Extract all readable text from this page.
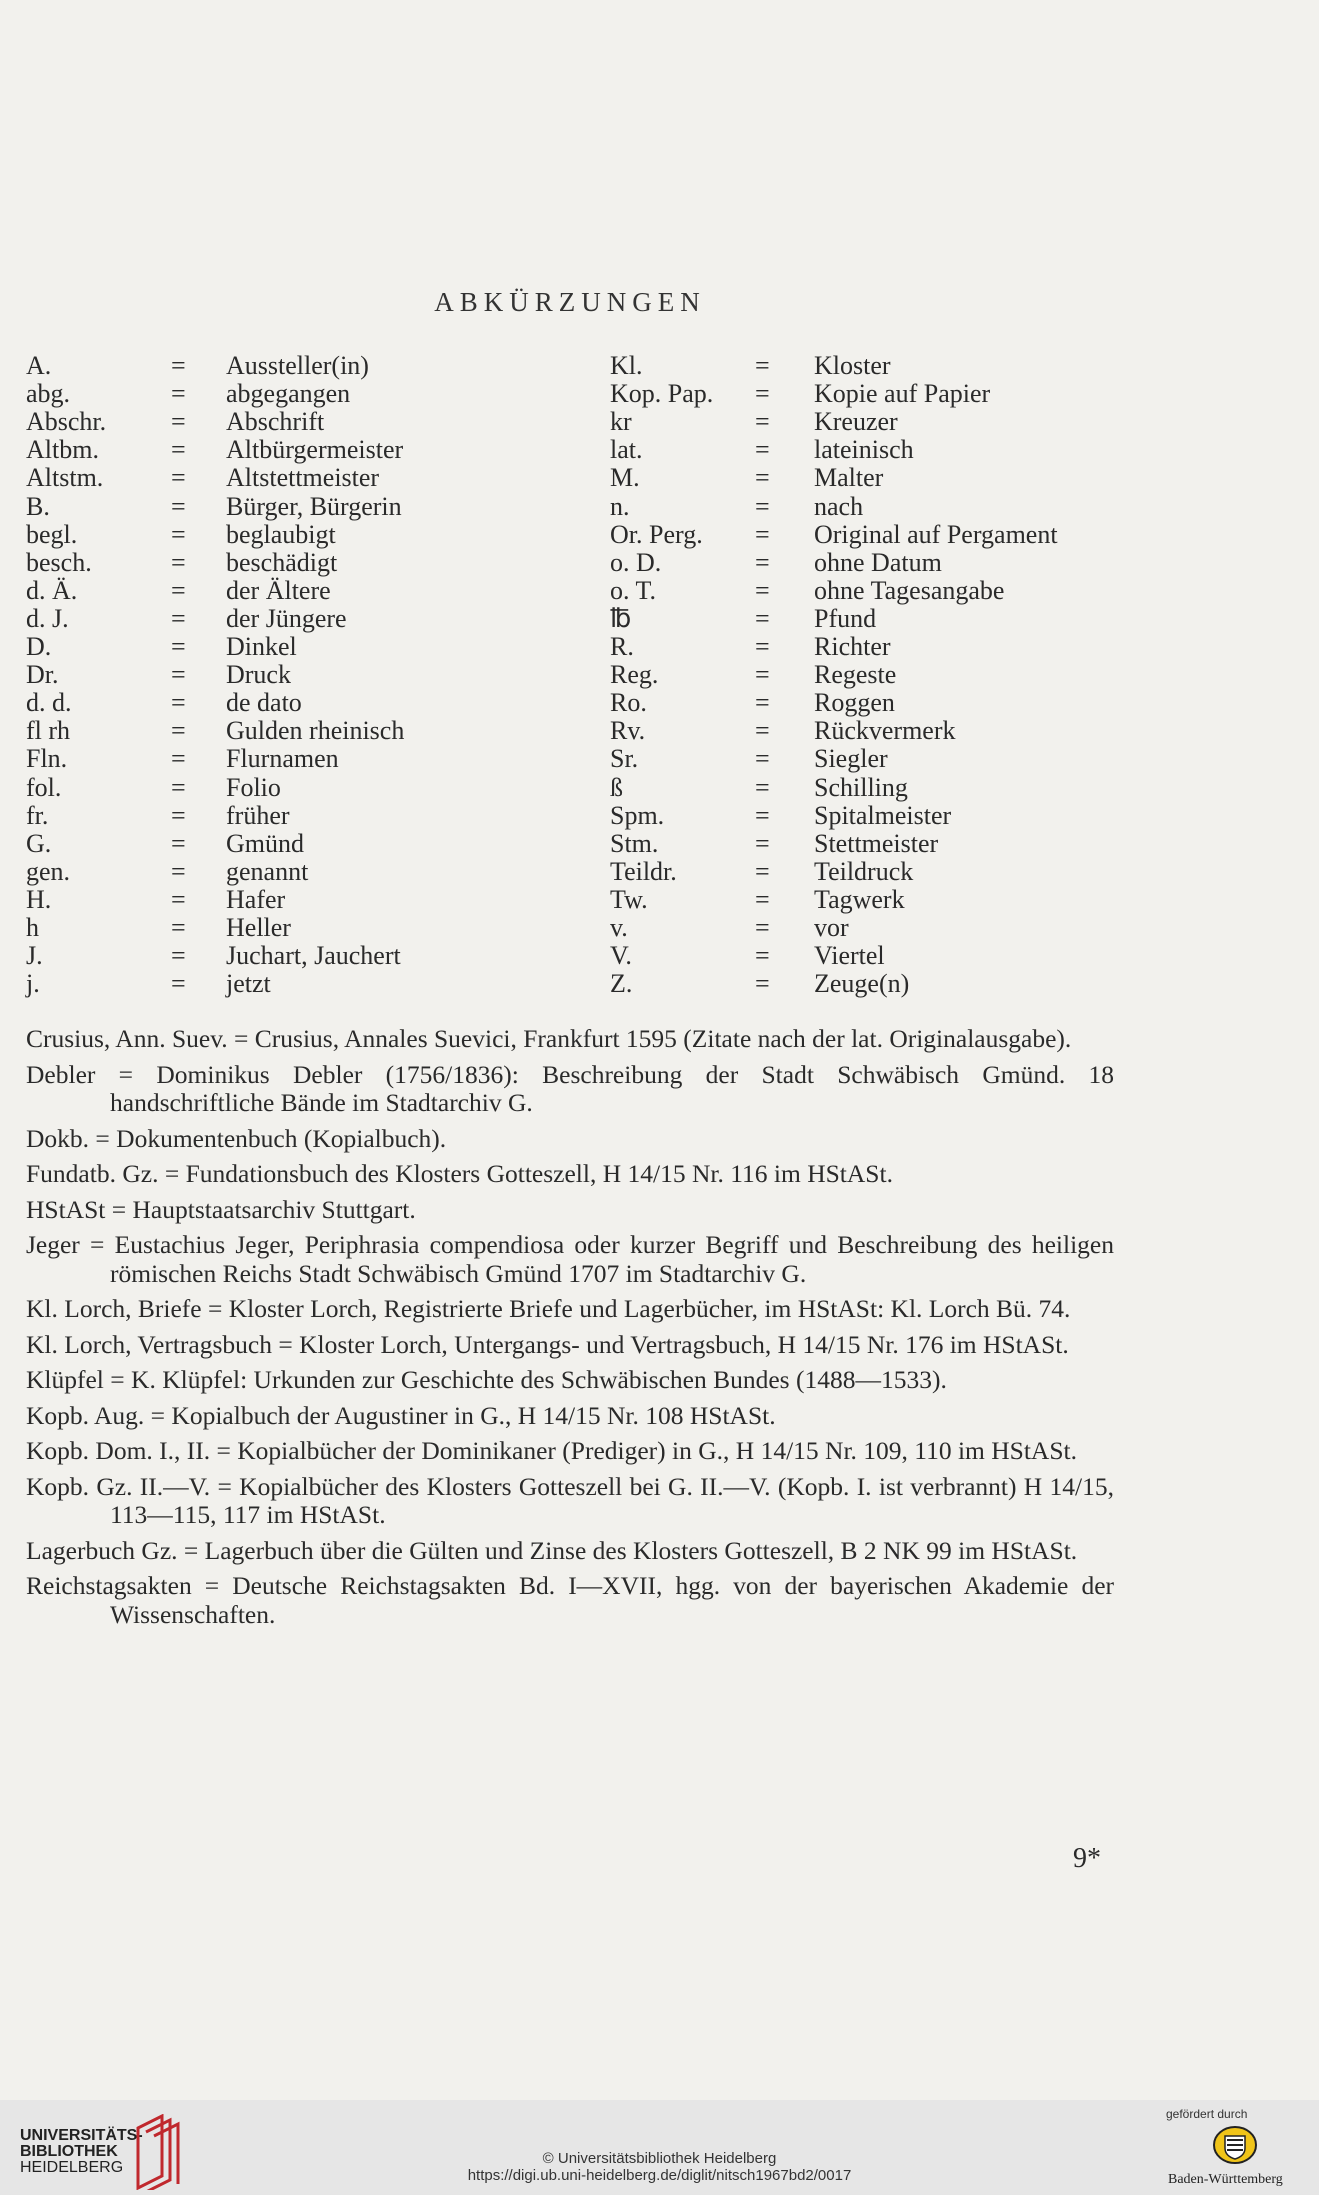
ABKÜRZUNGEN
A.	= Aussteller(in)	Kl.	= Kloster
abg.	= abgegangen	Kop. Pap. = Kopie auf Papier
Abschr. = Abschrift	kr	= Kreuzer
Altbm.	= Altbürgermeister	lat.	= lateinisch
Altstm.	= Altstettmeister	M.	= Malter
B.	= Bürger, Bürgerin	n.	= nach
begl.	= beglaubigt	Or. Perg. = Original auf Pergament
besch.	= beschädigt	o. D.	= ohne Datum
d. Ä.	= der Ältere	o. T.	= ohne Tagesangabe
d. J.	= der Jüngere	℔	= Pfund
D.	= Dinkel	R.	= Richter
Dr.	= Druck	Reg.	= Regeste
d. d.	= de dato	Ro.	= Roggen
fl rh	= Gulden rheinisch	Rv.	= Rückvermerk
Fln.	= Flurnamen	Sr.	= Siegler
fol.	= Folio	ß	= Schilling
fr.	= früher	Spm.	= Spitalmeister
G.	= Gmünd	Stm.	= Stettmeister
gen.	= genannt	Teildr.	= Teildruck
H.	= Hafer	Tw.	= Tagwerk
h	= Heller	v.	= vor
J.	= Juchart, Jauchert	V.	= Viertel
j.	= jetzt	Z.	= Zeuge(n)
Crusius, Ann. Suev. = Crusius, Annales Suevici, Frankfurt 1595 (Zitate nach der lat. Originalausgabe).
Debler = Dominikus Debler (1756/1836): Beschreibung der Stadt Schwäbisch Gmünd. 18 handschriftliche Bände im Stadtarchiv G.
Dokb. = Dokumentenbuch (Kopialbuch).
Fundatb. Gz. = Fundationsbuch des Klosters Gotteszell, H 14/15 Nr. 116 im HStASt.
HStASt = Hauptstaatsarchiv Stuttgart.
Jeger = Eustachius Jeger, Periphrasia compendiosa oder kurzer Begriff und Beschreibung des heiligen römischen Reichs Stadt Schwäbisch Gmünd 1707 im Stadtarchiv G.
Kl. Lorch, Briefe = Kloster Lorch, Registrierte Briefe und Lagerbücher, im HStASt: Kl. Lorch Bü. 74.
Kl. Lorch, Vertragsbuch = Kloster Lorch, Untergangs- und Vertragsbuch, H 14/15 Nr. 176 im HStASt.
Klüpfel = K. Klüpfel: Urkunden zur Geschichte des Schwäbischen Bundes (1488—1533).
Kopb. Aug. = Kopialbuch der Augustiner in G., H 14/15 Nr. 108 HStASt.
Kopb. Dom. I., II. = Kopialbücher der Dominikaner (Prediger) in G., H 14/15 Nr. 109, 110 im HStASt.
Kopb. Gz. II.—V. = Kopialbücher des Klosters Gotteszell bei G. II.—V. (Kopb. I. ist verbrannt) H 14/15, 113—115, 117 im HStASt.
Lagerbuch Gz. = Lagerbuch über die Gülten und Zinse des Klosters Gotteszell, B 2 NK 99 im HStASt.
Reichstagsakten = Deutsche Reichstagsakten Bd. I—XVII, hgg. von der bayerischen Akademie der Wissenschaften.
9*
UNIVERSITÄTS-
BIBLIOTHEK
HEIDELBERG
© Universitätsbibliothek Heidelberg
https://digi.ub.uni-heidelberg.de/diglit/nitsch1967bd2/0017
gefördert durch
Baden-Württemberg
